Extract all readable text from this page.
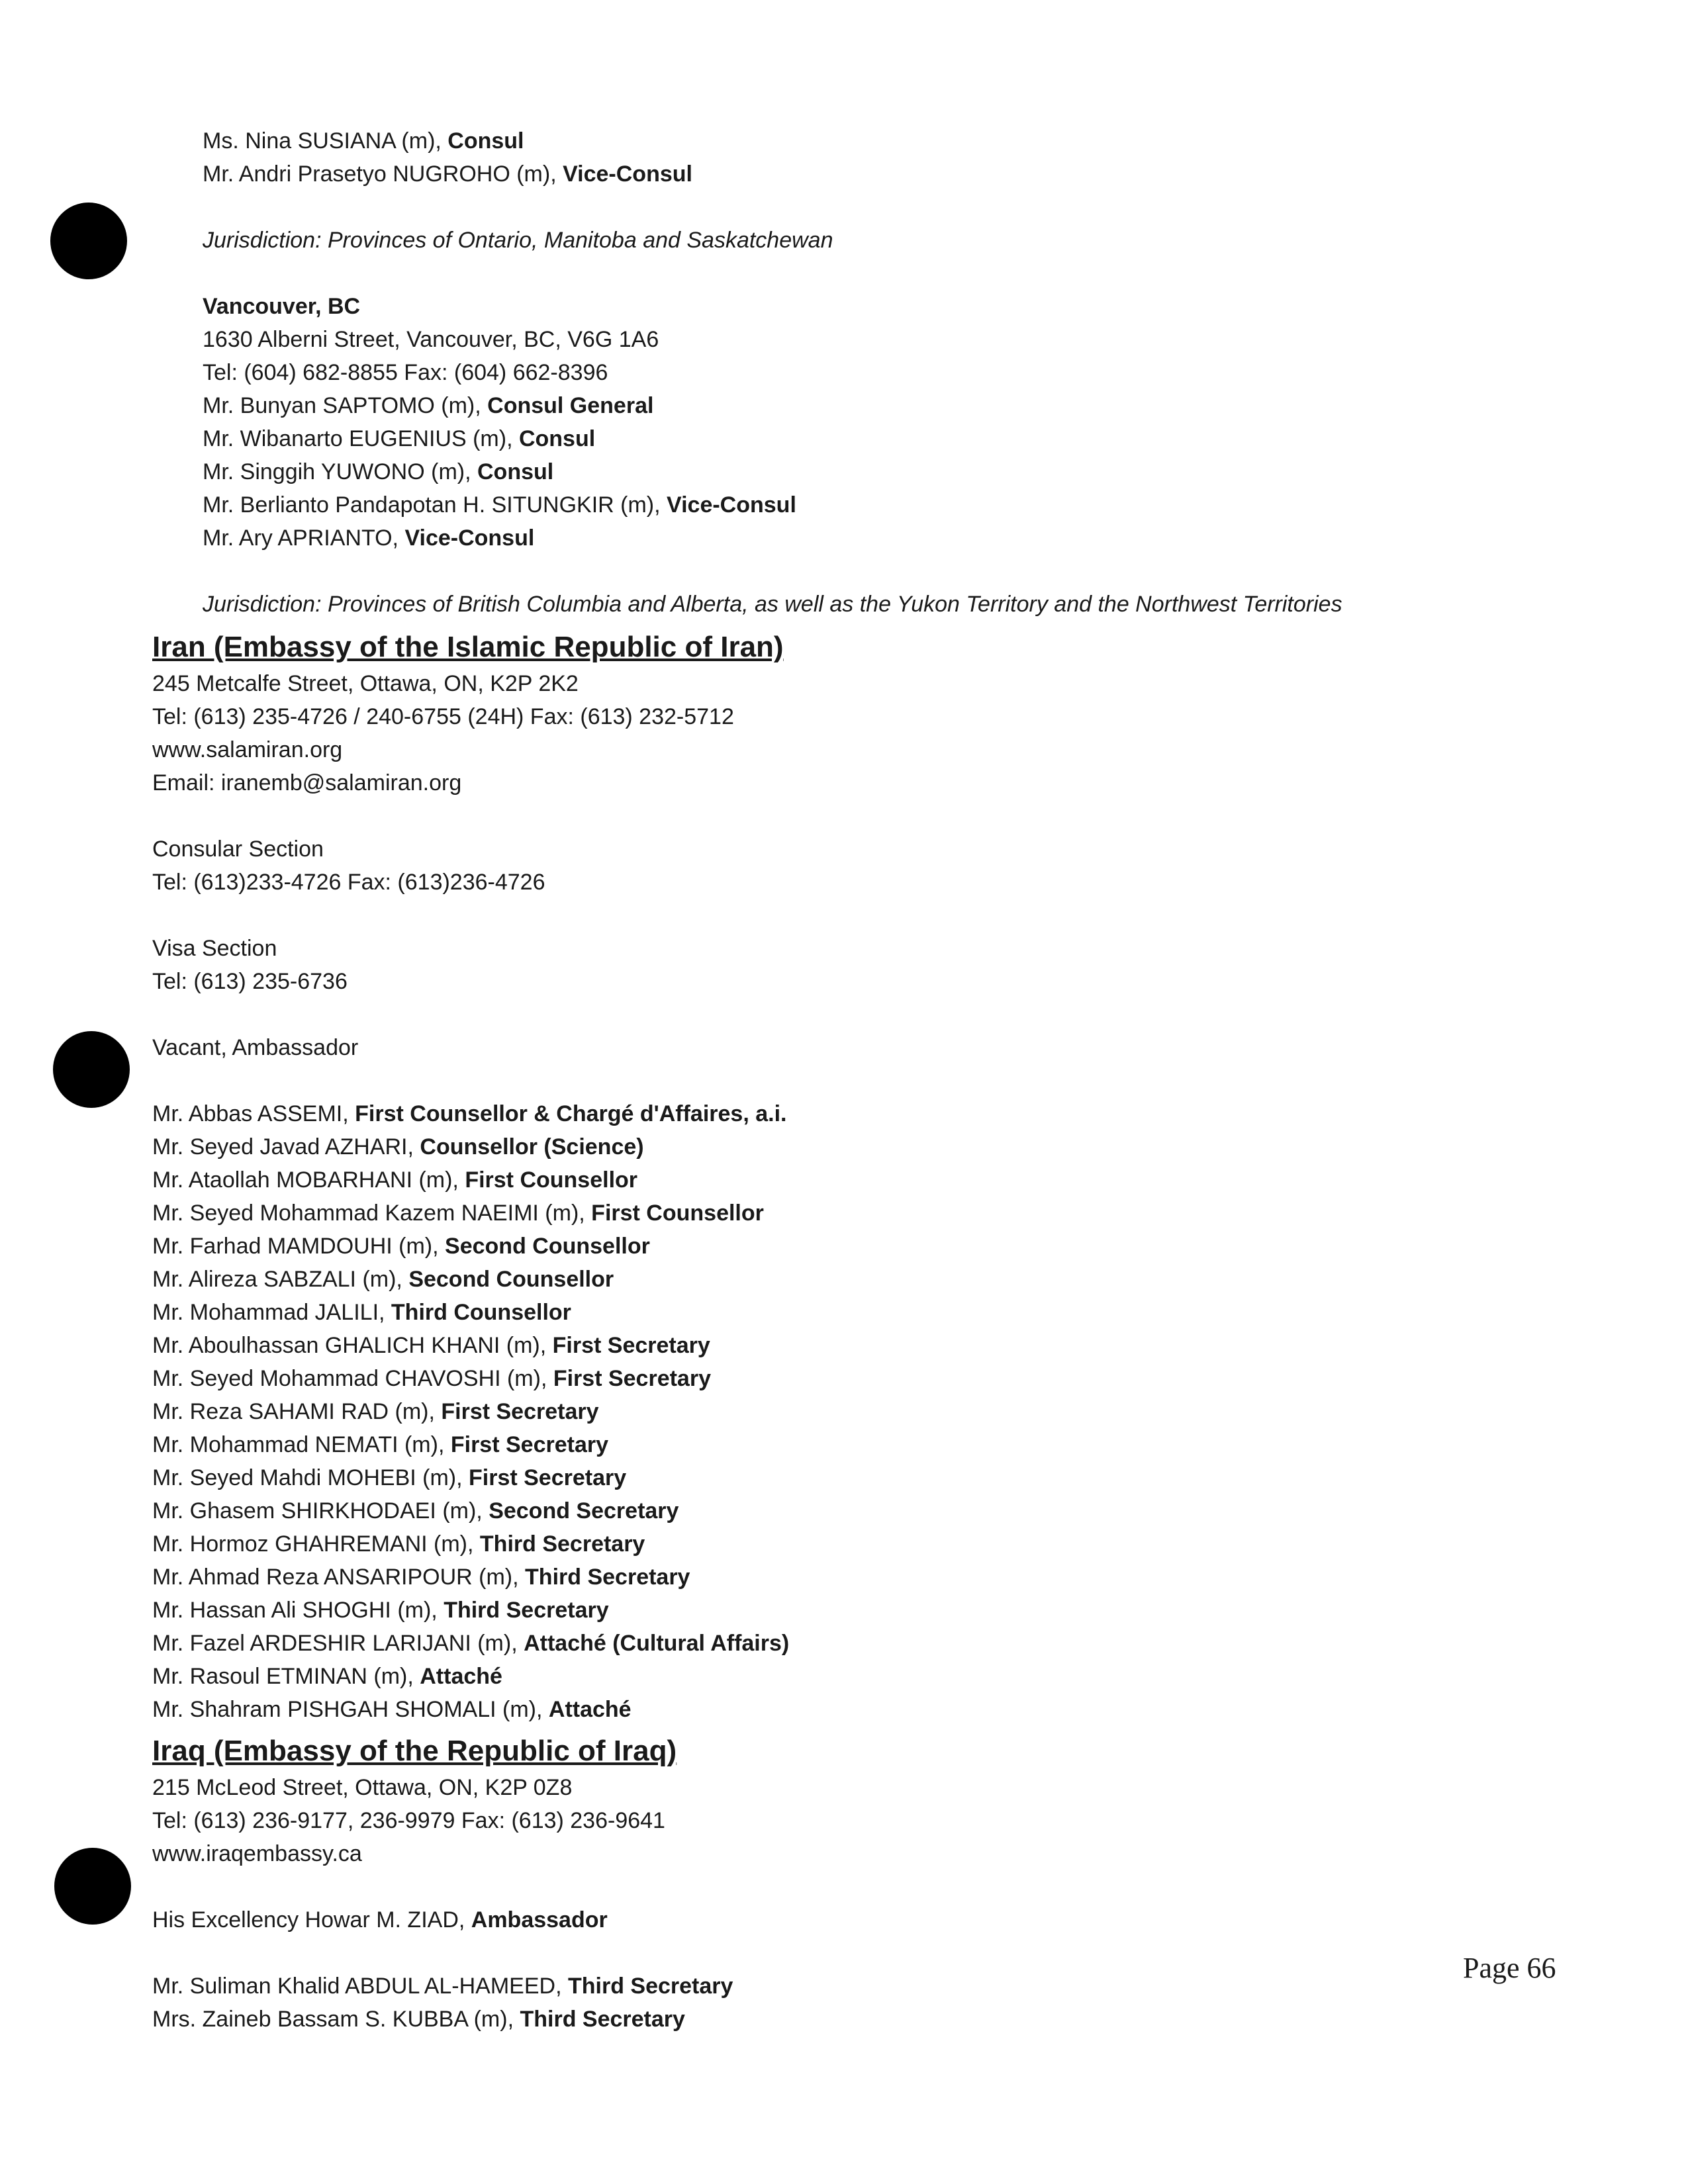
Ms. Nina SUSIANA (m), Consul
Mr. Andri Prasetyo NUGROHO (m), Vice-Consul
Jurisdiction: Provinces of Ontario, Manitoba and Saskatchewan
Vancouver, BC
1630 Alberni Street, Vancouver, BC, V6G 1A6
Tel: (604) 682-8855 Fax: (604) 662-8396
Mr. Bunyan SAPTOMO (m), Consul General
Mr. Wibanarto EUGENIUS (m), Consul
Mr. Singgih YUWONO (m), Consul
Mr. Berlianto Pandapotan H. SITUNGKIR (m), Vice-Consul
Mr. Ary APRIANTO, Vice-Consul
Jurisdiction: Provinces of British Columbia and Alberta, as well as the Yukon Territory and the Northwest Territories
Iran (Embassy of the Islamic Republic of Iran)
245 Metcalfe Street, Ottawa, ON, K2P 2K2
Tel: (613) 235-4726 / 240-6755 (24H) Fax: (613) 232-5712
www.salamiran.org
Email: iranemb@salamiran.org
Consular Section
Tel: (613)233-4726 Fax: (613)236-4726
Visa Section
Tel: (613) 235-6736
Vacant, Ambassador
Mr. Abbas ASSEMI, First Counsellor & Chargé d'Affaires, a.i.
Mr. Seyed Javad AZHARI, Counsellor (Science)
Mr. Ataollah MOBARHANI (m), First Counsellor
Mr. Seyed Mohammad Kazem NAEIMI (m), First Counsellor
Mr. Farhad MAMDOUHI (m), Second Counsellor
Mr. Alireza SABZALI (m), Second Counsellor
Mr. Mohammad JALILI, Third Counsellor
Mr. Aboulhassan GHALICH KHANI (m), First Secretary
Mr. Seyed Mohammad CHAVOSHI (m), First Secretary
Mr. Reza SAHAMI RAD (m), First Secretary
Mr. Mohammad NEMATI (m), First Secretary
Mr. Seyed Mahdi MOHEBI (m), First Secretary
Mr. Ghasem SHIRKHODAEI (m), Second Secretary
Mr. Hormoz GHAHREMANI (m), Third Secretary
Mr. Ahmad Reza ANSARIPOUR (m), Third Secretary
Mr. Hassan Ali SHOGHI (m), Third Secretary
Mr. Fazel ARDESHIR LARIJANI (m), Attaché (Cultural Affairs)
Mr. Rasoul ETMINAN (m), Attaché
Mr. Shahram PISHGAH SHOMALI (m), Attaché
Iraq (Embassy of the Republic of Iraq)
215 McLeod Street, Ottawa, ON, K2P 0Z8
Tel: (613) 236-9177, 236-9979 Fax: (613) 236-9641
www.iraqembassy.ca
His Excellency Howar M. ZIAD, Ambassador
Mr. Suliman Khalid ABDUL AL-HAMEED, Third Secretary
Mrs. Zaineb Bassam S. KUBBA (m), Third Secretary
Page 66
